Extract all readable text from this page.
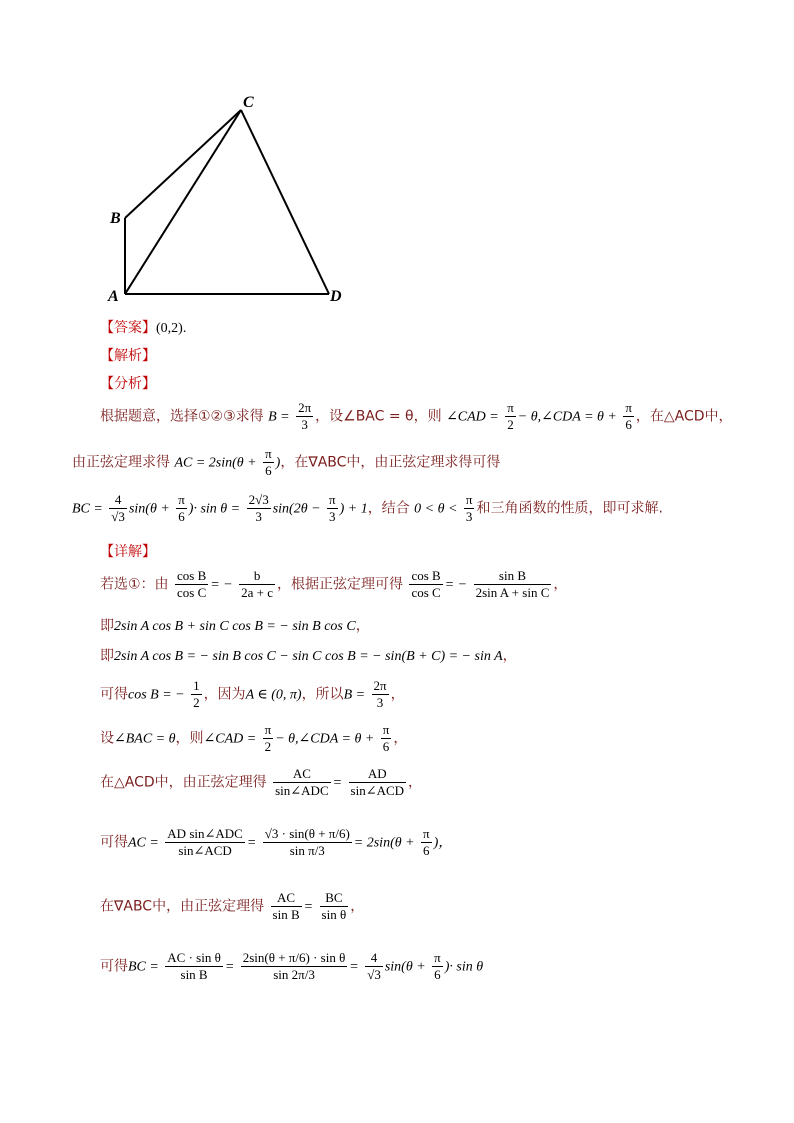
C
B
A	D
【答案】(0,2).
【解析】
【分析】
根据题意，选择①②③求得 $B = \frac{2\pi}{3}$ ，设∠BAC = θ，则 ∠CAD = $\frac{\pi}{2}$ − θ,∠CDA = $\theta + \frac{\pi}{6}$ ，在△ACD中，
由正弦定理求得 AC = $2\sin(\theta + \frac{\pi}{6}$ )，在∇ABC中，由正弦定理求得可得
BC = $\frac{4}{√3} \sin(\theta + \frac{\pi}{6}$ )· $\sin \theta = \frac{2√3}{3} \sin(2\theta - \frac{\pi}{3}$ ) + 1，结合 $0 < \theta < \frac{\pi}{3}$ 和三角函数的性质，即可求解.
【详解】
若选①：由 $\frac{\text{cos B}}{\text{cos C}}$ = − $\frac{b}{2a + c}$ ，根据正弦定理可得 $\frac{\text{cos B}}{\text{cos C}}$ = − $\frac{\text{sin B}}{\text{2sin A + sin C}}$ ，
即2sin A cos B + sin C cos B = − sin B cos C，
即2sin A cos B = − sin B cos C − sin C cos B = − sin(B + C) = − sin A，
可得cos B = − $\frac{1}{2}$ ，因为A ∈ (0, π)，所以$B = \frac{2\pi}{3}$ ，
设∠BAC = θ，则∠CAD = $\frac{\pi}{2}$ − θ,∠CDA = $\theta + \frac{\pi}{6}$ ，
在△ACD中，由正弦定理得 $\frac{AC}{\text{sin∠ADC}} = \frac{AD}{\text{sin∠ACD}}$ ，
可得AC = $\frac{\text{AD sin∠ADC}}{\text{sin∠ACD}} = \frac{√3 \cdot \sin(\theta + \pi/6)}{\text{sin π/3}} = 2\sin(\theta + \frac{\pi}{6}$ )，
在∇ABC中，由正弦定理得 $\frac{AC}{\text{sin B}} = \frac{BC}{\text{sin θ}}$ ，
可得BC = $\frac{\text{AC · sin θ}}{\text{sin B}} = \frac{\text{2sin(θ + π/6) · sin θ}}{\sin 2\pi/3} = \frac{4}{√3} \sin(\theta + \frac{\pi}{6}$ )· sin θ
